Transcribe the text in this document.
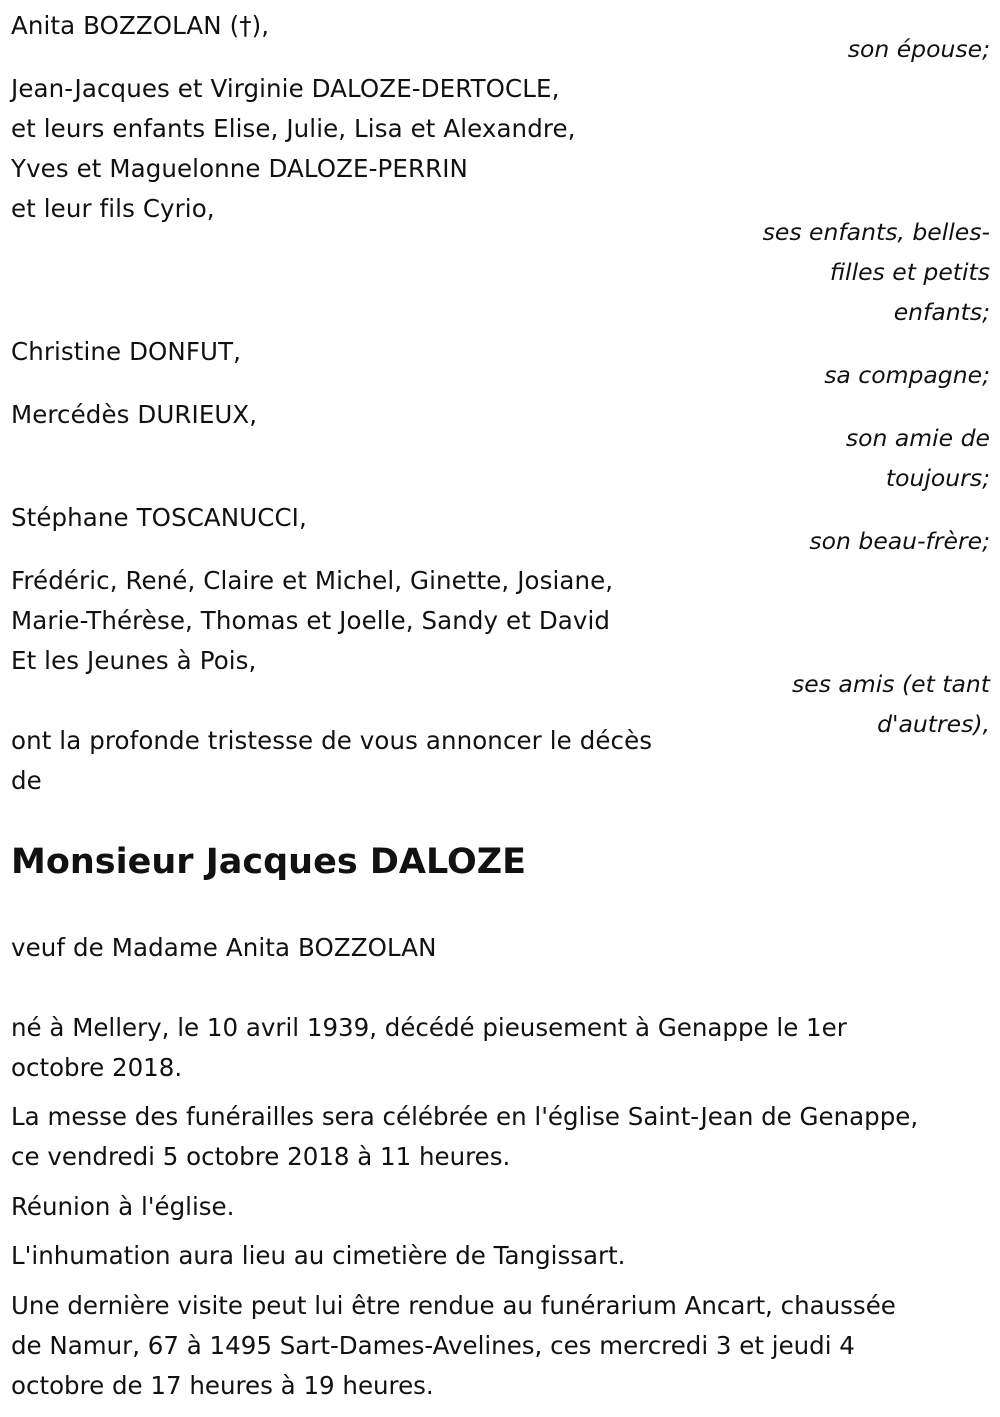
Anita BOZZOLAN (†),
son épouse;
Jean-Jacques et Virginie DALOZE-DERTOCLE,
et leurs enfants Elise, Julie, Lisa et Alexandre,
Yves et Maguelonne DALOZE-PERRIN
et leur fils Cyrio,
ses enfants, belles-
filles et petits
enfants;
Christine DONFUT,
sa compagne;
Mercédès DURIEUX,
son amie de
toujours;
Stéphane TOSCANUCCI,
son beau-frère;
Frédéric, René, Claire et Michel, Ginette, Josiane,
Marie-Thérèse, Thomas et Joelle, Sandy et David
Et les Jeunes à Pois,
ses amis (et tant
d'autres),
ont la profonde tristesse de vous annoncer le décès
de
Monsieur Jacques DALOZE
veuf de Madame Anita BOZZOLAN
né à Mellery, le 10 avril 1939, décédé pieusement à Genappe le 1er
octobre 2018.
La messe des funérailles sera célébrée en l'église Saint-Jean de Genappe,
ce vendredi 5 octobre 2018 à 11 heures.
Réunion à l'église.
L'inhumation aura lieu au cimetière de Tangissart.
Une dernière visite peut lui être rendue au funérarium Ancart, chaussée
de Namur, 67 à 1495 Sart-Dames-Avelines, ces mercredi 3 et jeudi 4
octobre de 17 heures à 19 heures.
